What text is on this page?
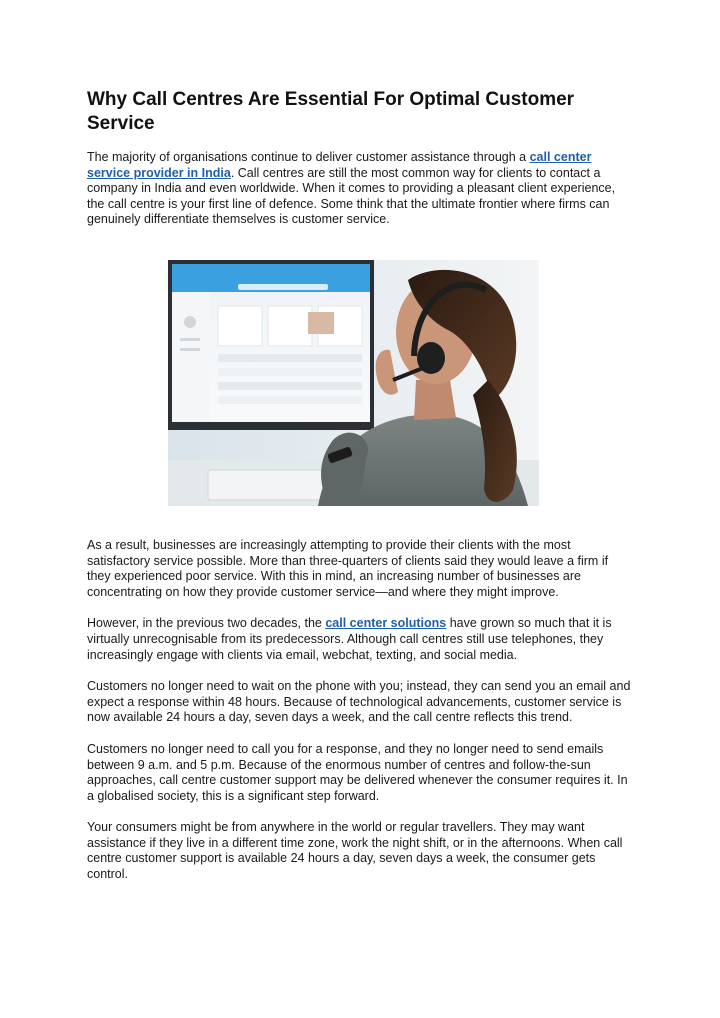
Why Call Centres Are Essential For Optimal Customer Service

The majority of organisations continue to deliver customer assistance through a call center service provider in India. Call centres are still the most common way for clients to contact a company in India and even worldwide. When it comes to providing a pleasant client experience, the call centre is your first line of defence. Some think that the ultimate frontier where firms can genuinely differentiate themselves is customer service.

As a result, businesses are increasingly attempting to provide their clients with the most satisfactory service possible. More than three-quarters of clients said they would leave a firm if they experienced poor service. With this in mind, an increasing number of businesses are concentrating on how they provide customer service—and where they might improve.

However, in the previous two decades, the call center solutions have grown so much that it is virtually unrecognisable from its predecessors. Although call centres still use telephones, they increasingly engage with clients via email, webchat, texting, and social media.

Customers no longer need to wait on the phone with you; instead, they can send you an email and expect a response within 48 hours. Because of technological advancements, customer service is now available 24 hours a day, seven days a week, and the call centre reflects this trend.

Customers no longer need to call you for a response, and they no longer need to send emails between 9 a.m. and 5 p.m. Because of the enormous number of centres and follow-the-sun approaches, call centre customer support may be delivered whenever the consumer requires it. In a globalised society, this is a significant step forward.

Your consumers might be from anywhere in the world or regular travellers. They may want assistance if they live in a different time zone, work the night shift, or in the afternoons. When call centre customer support is available 24 hours a day, seven days a week, the consumer gets control.
